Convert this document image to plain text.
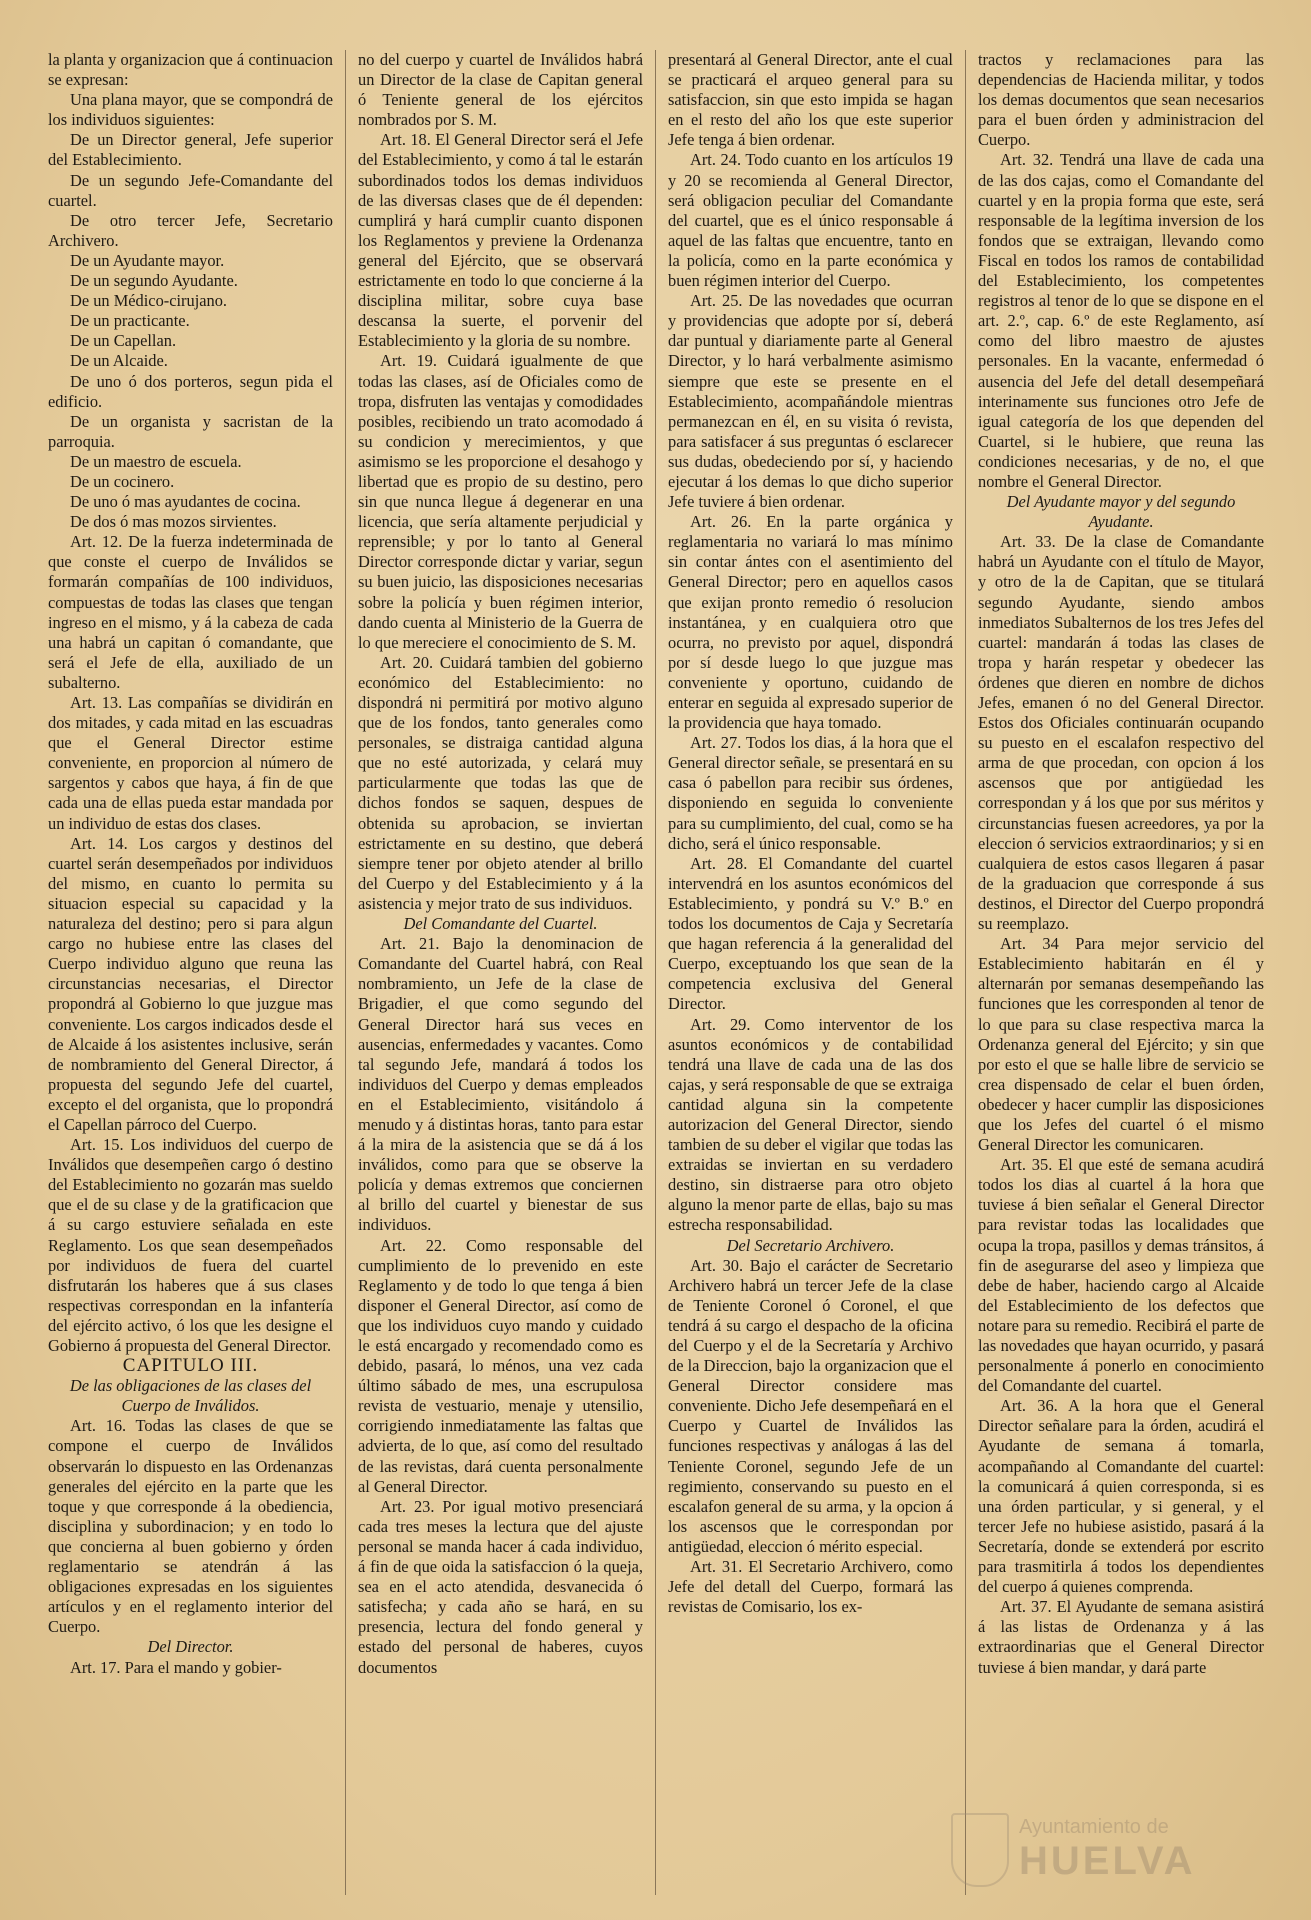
la planta y organizacion que á continuacion se expresan:

Una plana mayor, que se compondrá de los individuos siguientes:

De un Director general, Jefe superior del Establecimiento.

De un segundo Jefe-Comandante del cuartel.

De otro tercer Jefe, Secretario Archivero.

De un Ayudante mayor.

De un segundo Ayudante.

De un Médico-cirujano.

De un practicante.

De un Capellan.

De un Alcaide.

De uno ó dos porteros, segun pida el edificio.

De un organista y sacristan de la parroquia.

De un maestro de escuela.

De un cocinero.

De uno ó mas ayudantes de cocina.

De dos ó mas mozos sirvientes.

Art. 12. De la fuerza indeterminada de que conste el cuerpo de Inválidos se formarán compañías de 100 individuos, compuestas de todas las clases que tengan ingreso en el mismo, y á la cabeza de cada una habrá un capitan ó comandante, que será el Jefe de ella, auxiliado de un subalterno.

Art. 13. Las compañías se dividirán en dos mitades, y cada mitad en las escuadras que el General Director estime conveniente, en proporcion al número de sargentos y cabos que haya, á fin de que cada una de ellas pueda estar mandada por un individuo de estas dos clases.

Art. 14. Los cargos y destinos del cuartel serán desempeñados por individuos del mismo, en cuanto lo permita su situacion especial su capacidad y la naturaleza del destino; pero si para algun cargo no hubiese entre las clases del Cuerpo individuo alguno que reuna las circunstancias necesarias, el Director propondrá al Gobierno lo que juzgue mas conveniente. Los cargos indicados desde el de Alcaide á los asistentes inclusive, serán de nombramiento del General Director, á propuesta del segundo Jefe del cuartel, excepto el del organista, que lo propondrá el Capellan párroco del Cuerpo.

Art. 15. Los individuos del cuerpo de Inválidos que desempeñen cargo ó destino del Establecimiento no gozarán mas sueldo que el de su clase y de la gratificacion que á su cargo estuviere señalada en este Reglamento. Los que sean desempeñados por individuos de fuera del cuartel disfrutarán los haberes que á sus clases respectivas correspondan en la infantería del ejército activo, ó los que les designe el Gobierno á propuesta del General Director.

CAPITULO III.

De las obligaciones de las clases del Cuerpo de Inválidos.

Art. 16. Todas las clases de que se compone el cuerpo de Inválidos observarán lo dispuesto en las Ordenanzas generales del ejército en la parte que les toque y que corresponde á la obediencia, disciplina y subordinacion; y en todo lo que concierna al buen gobierno y órden reglamentario se atendrán á las obligaciones expresadas en los siguientes artículos y en el reglamento interior del Cuerpo.

Del Director.

Art. 17. Para el mando y gobier-

no del cuerpo y cuartel de Inválidos habrá un Director de la clase de Capitan general ó Teniente general de los ejércitos nombrados por S. M.

Art. 18. El General Director será el Jefe del Establecimiento, y como á tal le estarán subordinados todos los demas individuos de las diversas clases que de él dependen: cumplirá y hará cumplir cuanto disponen los Reglamentos y previene la Ordenanza general del Ejército, que se observará estrictamente en todo lo que concierne á la disciplina militar, sobre cuya base descansa la suerte, el porvenir del Establecimiento y la gloria de su nombre.

Art. 19. Cuidará igualmente de que todas las clases, así de Oficiales como de tropa, disfruten las ventajas y comodidades posibles, recibiendo un trato acomodado á su condicion y merecimientos, y que asimismo se les proporcione el desahogo y libertad que es propio de su destino, pero sin que nunca llegue á degenerar en una licencia, que sería altamente perjudicial y reprensible; y por lo tanto al General Director corresponde dictar y variar, segun su buen juicio, las disposiciones necesarias sobre la policía y buen régimen interior, dando cuenta al Ministerio de la Guerra de lo que mereciere el conocimiento de S. M.

Art. 20. Cuidará tambien del gobierno económico del Establecimiento: no dispondrá ni permitirá por motivo alguno que de los fondos, tanto generales como personales, se distraiga cantidad alguna que no esté autorizada, y celará muy particularmente que todas las que de dichos fondos se saquen, despues de obtenida su aprobacion, se inviertan estrictamente en su destino, que deberá siempre tener por objeto atender al brillo del Cuerpo y del Establecimiento y á la asistencia y mejor trato de sus individuos.

Del Comandante del Cuartel.

Art. 21. Bajo la denominacion de Comandante del Cuartel habrá, con Real nombramiento, un Jefe de la clase de Brigadier, el que como segundo del General Director hará sus veces en ausencias, enfermedades y vacantes. Como tal segundo Jefe, mandará á todos los individuos del Cuerpo y demas empleados en el Establecimiento, visitándolo á menudo y á distintas horas, tanto para estar á la mira de la asistencia que se dá á los inválidos, como para que se observe la policía y demas extremos que conciernen al brillo del cuartel y bienestar de sus individuos.

Art. 22. Como responsable del cumplimiento de lo prevenido en este Reglamento y de todo lo que tenga á bien disponer el General Director, así como de que los individuos cuyo mando y cuidado le está encargado y recomendado como es debido, pasará, lo ménos, una vez cada último sábado de mes, una escrupulosa revista de vestuario, menaje y utensilio, corrigiendo inmediatamente las faltas que advierta, de lo que, así como del resultado de las revistas, dará cuenta personalmente al General Director.

Art. 23. Por igual motivo presenciará cada tres meses la lectura que del ajuste personal se manda hacer á cada individuo, á fin de que oida la satisfaccion ó la queja, sea en el acto atendida, desvanecida ó satisfecha; y cada año se hará, en su presencia, lectura del fondo general y estado del personal de haberes, cuyos documentos

presentará al General Director, ante el cual se practicará el arqueo general para su satisfaccion, sin que esto impida se hagan en el resto del año los que este superior Jefe tenga á bien ordenar.

Art. 24. Todo cuanto en los artículos 19 y 20 se recomienda al General Director, será obligacion peculiar del Comandante del cuartel, que es el único responsable á aquel de las faltas que encuentre, tanto en la policía, como en la parte económica y buen régimen interior del Cuerpo.

Art. 25. De las novedades que ocurran y providencias que adopte por sí, deberá dar puntual y diariamente parte al General Director, y lo hará verbalmente asimismo siempre que este se presente en el Establecimiento, acompañándole mientras permanezcan en él, en su visita ó revista, para satisfacer á sus preguntas ó esclarecer sus dudas, obedeciendo por sí, y haciendo ejecutar á los demas lo que dicho superior Jefe tuviere á bien ordenar.

Art. 26. En la parte orgánica y reglamentaria no variará lo mas mínimo sin contar ántes con el asentimiento del General Director; pero en aquellos casos que exijan pronto remedio ó resolucion instantánea, y en cualquiera otro que ocurra, no previsto por aquel, dispondrá por sí desde luego lo que juzgue mas conveniente y oportuno, cuidando de enterar en seguida al expresado superior de la providencia que haya tomado.

Art. 27. Todos los dias, á la hora que el General director señale, se presentará en su casa ó pabellon para recibir sus órdenes, disponiendo en seguida lo conveniente para su cumplimiento, del cual, como se ha dicho, será el único responsable.

Art. 28. El Comandante del cuartel intervendrá en los asuntos económicos del Establecimiento, y pondrá su V.º B.º en todos los documentos de Caja y Secretaría que hagan referencia á la generalidad del Cuerpo, exceptuando los que sean de la competencia exclusiva del General Director.

Art. 29. Como interventor de los asuntos económicos y de contabilidad tendrá una llave de cada una de las dos cajas, y será responsable de que se extraiga cantidad alguna sin la competente autorizacion del General Director, siendo tambien de su deber el vigilar que todas las extraidas se inviertan en su verdadero destino, sin distraerse para otro objeto alguno la menor parte de ellas, bajo su mas estrecha responsabilidad.

Del Secretario Archivero.

Art. 30. Bajo el carácter de Secretario Archivero habrá un tercer Jefe de la clase de Teniente Coronel ó Coronel, el que tendrá á su cargo el despacho de la oficina del Cuerpo y el de la Secretaría y Archivo de la Direccion, bajo la organizacion que el General Director considere mas conveniente. Dicho Jefe desempeñará en el Cuerpo y Cuartel de Inválidos las funciones respectivas y análogas á las del Teniente Coronel, segundo Jefe de un regimiento, conservando su puesto en el escalafon general de su arma, y la opcion á los ascensos que le correspondan por antigüedad, eleccion ó mérito especial.

Art. 31. El Secretario Archivero, como Jefe del detall del Cuerpo, formará las revistas de Comisario, los ex-

tractos y reclamaciones para las dependencias de Hacienda militar, y todos los demas documentos que sean necesarios para el buen órden y administracion del Cuerpo.

Art. 32. Tendrá una llave de cada una de las dos cajas, como el Comandante del cuartel y en la propia forma que este, será responsable de la legítima inversion de los fondos que se extraigan, llevando como Fiscal en todos los ramos de contabilidad del Establecimiento, los competentes registros al tenor de lo que se dispone en el art. 2.º, cap. 6.º de este Reglamento, así como del libro maestro de ajustes personales. En la vacante, enfermedad ó ausencia del Jefe del detall desempeñará interinamente sus funciones otro Jefe de igual categoría de los que dependen del Cuartel, si le hubiere, que reuna las condiciones necesarias, y de no, el que nombre el General Director.

Del Ayudante mayor y del segundo Ayudante.

Art. 33. De la clase de Comandante habrá un Ayudante con el título de Mayor, y otro de la de Capitan, que se titulará segundo Ayudante, siendo ambos inmediatos Subalternos de los tres Jefes del cuartel: mandarán á todas las clases de tropa y harán respetar y obedecer las órdenes que dieren en nombre de dichos Jefes, emanen ó no del General Director. Estos dos Oficiales continuarán ocupando su puesto en el escalafon respectivo del arma de que procedan, con opcion á los ascensos que por antigüedad les correspondan y á los que por sus méritos y circunstancias fuesen acreedores, ya por la eleccion ó servicios extraordinarios; y si en cualquiera de estos casos llegaren á pasar de la graduacion que corresponde á sus destinos, el Director del Cuerpo propondrá su reemplazo.

Art. 34 Para mejor servicio del Establecimiento habitarán en él y alternarán por semanas desempeñando las funciones que les corresponden al tenor de lo que para su clase respectiva marca la Ordenanza general del Ejército; y sin que por esto el que se halle libre de servicio se crea dispensado de celar el buen órden, obedecer y hacer cumplir las disposiciones que los Jefes del cuartel ó el mismo General Director les comunicaren.

Art. 35. El que esté de semana acudirá todos los dias al cuartel á la hora que tuviese á bien señalar el General Director para revistar todas las localidades que ocupa la tropa, pasillos y demas tránsitos, á fin de asegurarse del aseo y limpieza que debe de haber, haciendo cargo al Alcaide del Establecimiento de los defectos que notare para su remedio. Recibirá el parte de las novedades que hayan ocurrido, y pasará personalmente á ponerlo en conocimiento del Comandante del cuartel.

Art. 36. A la hora que el General Director señalare para la órden, acudirá el Ayudante de semana á tomarla, acompañando al Comandante del cuartel: la comunicará á quien corresponda, si es una órden particular, y si general, y el tercer Jefe no hubiese asistido, pasará á la Secretaría, donde se extenderá por escrito para trasmitirla á todos los dependientes del cuerpo á quienes comprenda.

Art. 37. El Ayudante de semana asistirá á las listas de Ordenanza y á las extraordinarias que el General Director tuviese á bien mandar, y dará parte

Ayuntamiento de
HUELVA
